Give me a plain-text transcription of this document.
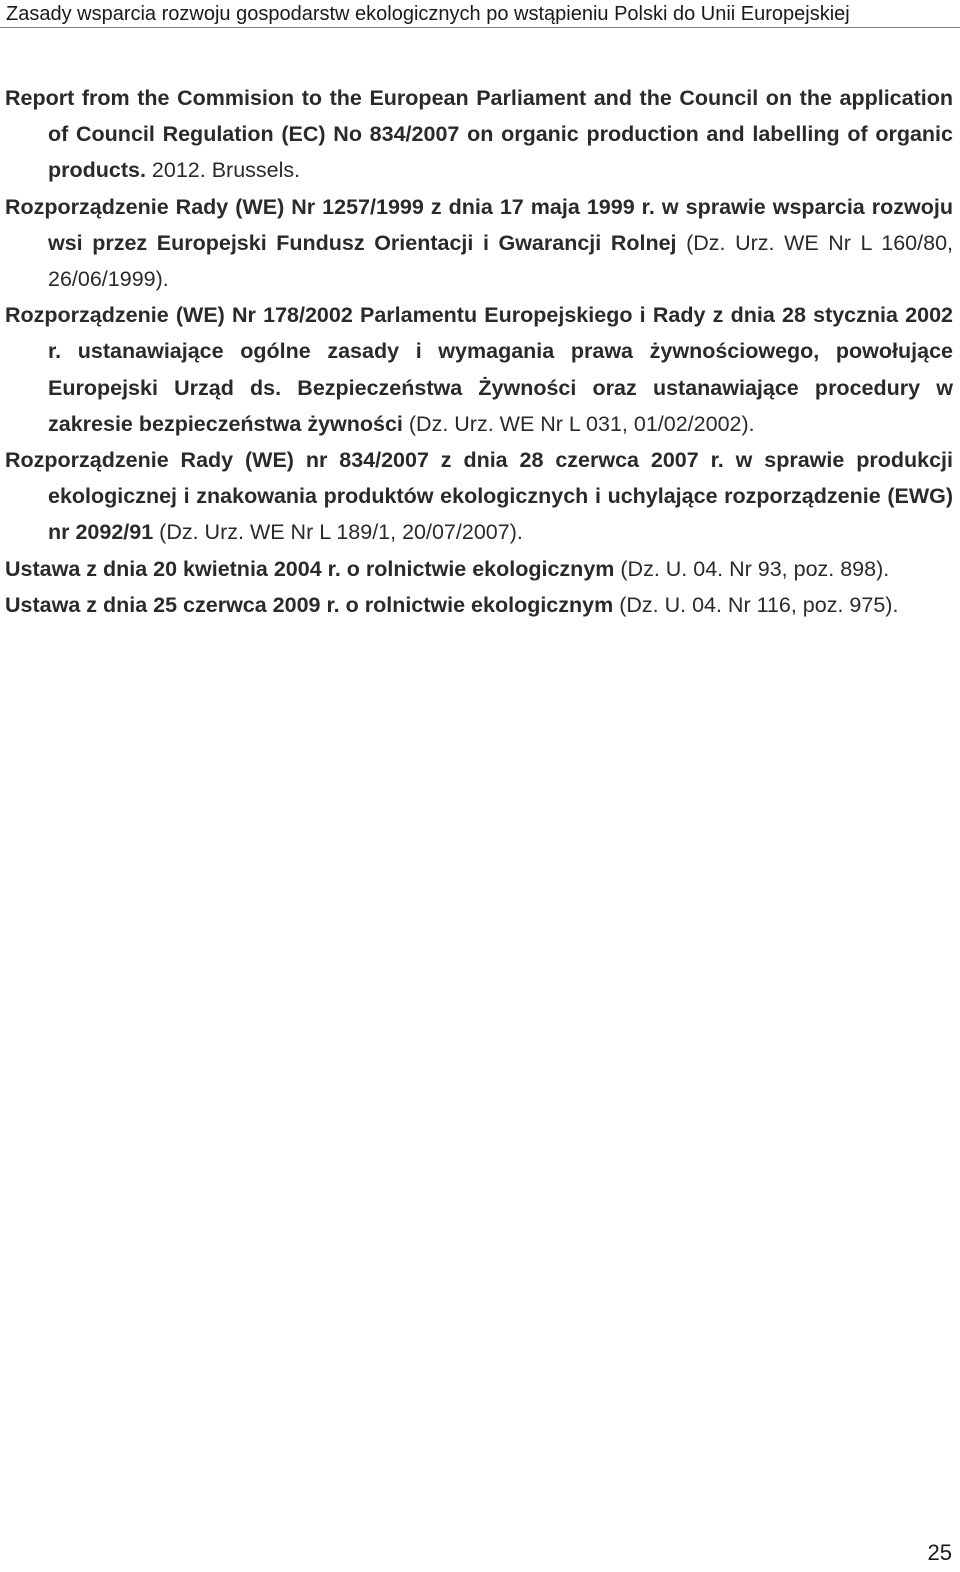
Zasady wsparcia rozwoju gospodarstw ekologicznych po wstąpieniu Polski do Unii Europejskiej
Report from the Commision to the European Parliament and the Council on the application of Council Regulation (EC) No 834/2007 on organic production and labelling of organic products. 2012. Brussels.
Rozporządzenie Rady (WE) Nr 1257/1999 z dnia 17 maja 1999 r. w sprawie wsparcia rozwoju wsi przez Europejski Fundusz Orientacji i Gwarancji Rolnej (Dz. Urz. WE Nr L 160/80, 26/06/1999).
Rozporządzenie (WE) Nr 178/2002 Parlamentu Europejskiego i Rady z dnia 28 stycznia 2002 r. ustanawiające ogólne zasady i wymagania prawa żywnościowego, powołujące Europejski Urząd ds. Bezpieczeństwa Żywności oraz ustanawiające procedury w zakresie bezpieczeństwa żywności (Dz. Urz. WE Nr L 031, 01/02/2002).
Rozporządzenie Rady (WE) nr 834/2007 z dnia 28 czerwca 2007 r. w sprawie produkcji ekologicznej i znakowania produktów ekologicznych i uchylające rozporządzenie (EWG) nr 2092/91 (Dz. Urz. WE Nr L 189/1, 20/07/2007).
Ustawa z dnia 20 kwietnia 2004 r. o rolnictwie ekologicznym (Dz. U. 04. Nr 93, poz. 898).
Ustawa z dnia 25 czerwca 2009 r. o rolnictwie ekologicznym (Dz. U. 04. Nr 116, poz. 975).
25
